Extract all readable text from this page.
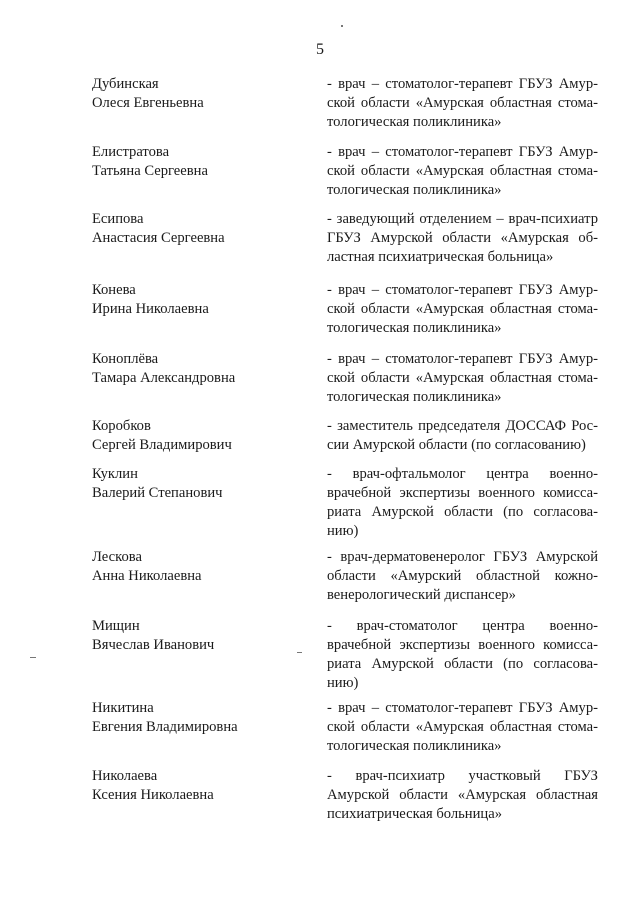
5
Дубинская
Олеся Евгеньевна
- врач – стоматолог-терапевт ГБУЗ Амур-
ской области «Амурская областная стома-
тологическая поликлиника»
Елистратова
Татьяна Сергеевна
- врач – стоматолог-терапевт ГБУЗ Амур-
ской области «Амурская областная стома-
тологическая поликлиника»
Есипова
Анастасия Сергеевна
- заведующий отделением – врач-психиатр
ГБУЗ Амурской области «Амурская об-
ластная психиатрическая больница»
Конева
Ирина Николаевна
- врач – стоматолог-терапевт ГБУЗ Амур-
ской области «Амурская областная стома-
тологическая поликлиника»
Коноплёва
Тамара Александровна
- врач – стоматолог-терапевт ГБУЗ Амур-
ской области «Амурская областная стома-
тологическая поликлиника»
Коробков
Сергей Владимирович
- заместитель председателя ДОССАФ Рос-
сии Амурской области (по согласованию)
Куклин
Валерий Степанович
- врач-офтальмолог центра военно-
врачебной экспертизы военного комисса-
риата Амурской области (по согласова-
нию)
Лескова
Анна Николаевна
- врач-дерматовенеролог ГБУЗ Амурской
области «Амурский областной кожно-
венерологический диспансер»
Мищин
Вячеслав Иванович
- врач-стоматолог центра военно-
врачебной экспертизы военного комисса-
риата Амурской области (по согласова-
нию)
Никитина
Евгения Владимировна
- врач – стоматолог-терапевт ГБУЗ Амур-
ской области «Амурская областная стома-
тологическая поликлиника»
Николаева
Ксения Николаевна
- врач-психиатр участковый ГБУЗ
Амурской области «Амурская областная
психиатрическая больница»
